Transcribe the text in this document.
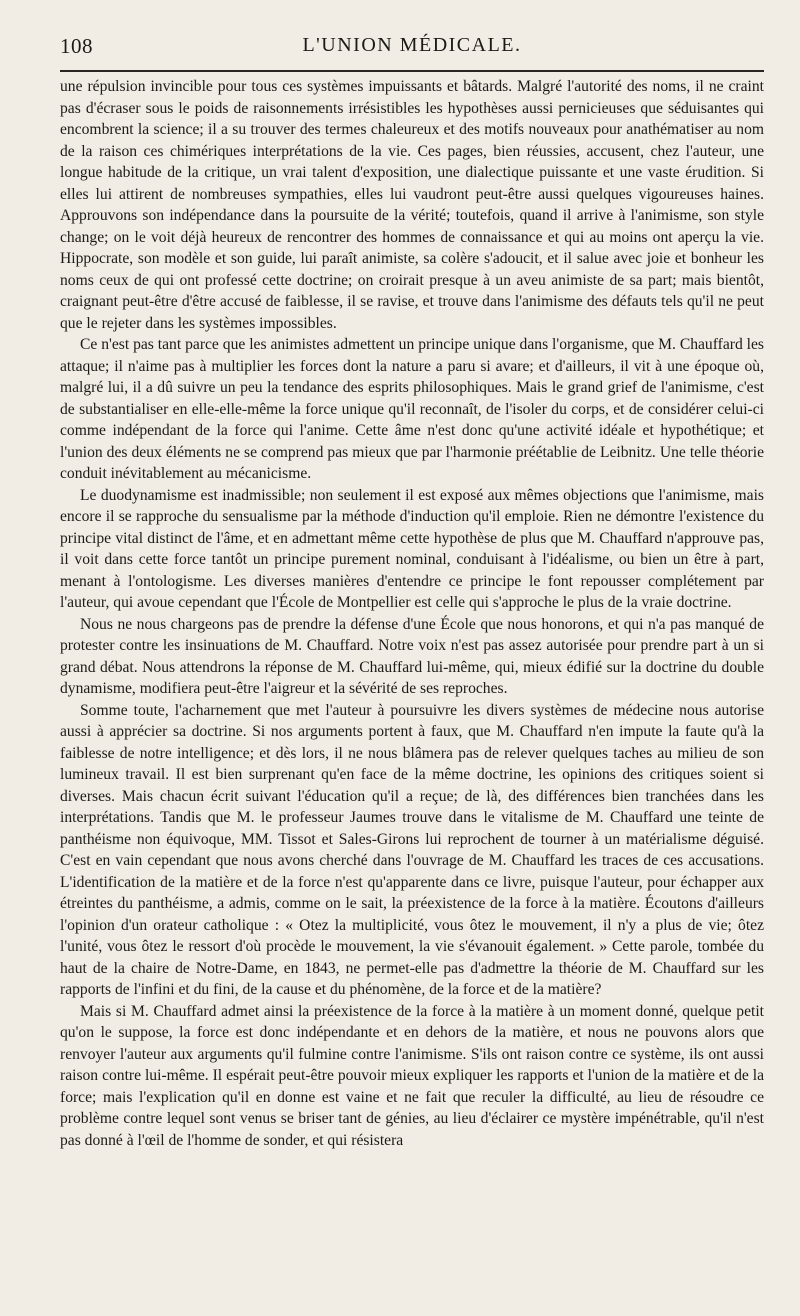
108	L'UNION MÉDICALE.

une répulsion invincible pour tous ces systèmes impuissants et bâtards. Malgré l'autorité des noms, il ne craint pas d'écraser sous le poids de raisonnements irrésistibles les hypothèses aussi pernicieuses que séduisantes qui encombrent la science; il a su trouver des termes chaleureux et des motifs nouveaux pour anathématiser au nom de la raison ces chimériques interprétations de la vie. Ces pages, bien réussies, accusent, chez l'auteur, une longue habitude de la critique, un vrai talent d'exposition, une dialectique puissante et une vaste érudition. Si elles lui attirent de nombreuses sympathies, elles lui vaudront peut-être aussi quelques vigoureuses haines. Approuvons son indépendance dans la poursuite de la vérité; toutefois, quand il arrive à l'animisme, son style change; on le voit déjà heureux de rencontrer des hommes de connaissance et qui au moins ont aperçu la vie. Hippocrate, son modèle et son guide, lui paraît animiste, sa colère s'adoucit, et il salue avec joie et bonheur les noms ceux de qui ont professé cette doctrine; on croirait presque à un aveu animiste de sa part; mais bientôt, craignant peut-être d'être accusé de faiblesse, il se ravise, et trouve dans l'animisme des défauts tels qu'il ne peut que le rejeter dans les systèmes impossibles.

Ce n'est pas tant parce que les animistes admettent un principe unique dans l'organisme, que M. Chauffard les attaque; il n'aime pas à multiplier les forces dont la nature a paru si avare; et d'ailleurs, il vit à une époque où, malgré lui, il a dû suivre un peu la tendance des esprits philosophiques. Mais le grand grief de l'animisme, c'est de substantialiser en elle-elle-même la force unique qu'il reconnaît, de l'isoler du corps, et de considérer celui-ci comme indépendant de la force qui l'anime. Cette âme n'est donc qu'une activité idéale et hypothétique; et l'union des deux éléments ne se comprend pas mieux que par l'harmonie préétablie de Leibnitz. Une telle théorie conduit inévitablement au mécanicisme.

Le duodynamisme est inadmissible; non seulement il est exposé aux mêmes objections que l'animisme, mais encore il se rapproche du sensualisme par la méthode d'induction qu'il emploie. Rien ne démontre l'existence du principe vital distinct de l'âme, et en admettant même cette hypothèse de plus que M. Chauffard n'approuve pas, il voit dans cette force tantôt un principe purement nominal, conduisant à l'idéalisme, ou bien un être à part, menant à l'ontologisme. Les diverses manières d'entendre ce principe le font repousser complétement par l'auteur, qui avoue cependant que l'École de Montpellier est celle qui s'approche le plus de la vraie doctrine.

Nous ne nous chargeons pas de prendre la défense d'une École que nous honorons, et qui n'a pas manqué de protester contre les insinuations de M. Chauffard. Notre voix n'est pas assez autorisée pour prendre part à un si grand débat. Nous attendrons la réponse de M. Chauffard lui-même, qui, mieux édifié sur la doctrine du double dynamisme, modifiera peut-être l'aigreur et la sévérité de ses reproches.

Somme toute, l'acharnement que met l'auteur à poursuivre les divers systèmes de médecine nous autorise aussi à apprécier sa doctrine. Si nos arguments portent à faux, que M. Chauffard n'en impute la faute qu'à la faiblesse de notre intelligence; et dès lors, il ne nous blâmera pas de relever quelques taches au milieu de son lumineux travail. Il est bien surprenant qu'en face de la même doctrine, les opinions des critiques soient si diverses. Mais chacun écrit suivant l'éducation qu'il a reçue; de là, des différences bien tranchées dans les interprétations. Tandis que M. le professeur Jaumes trouve dans le vitalisme de M. Chauffard une teinte de panthéisme non équivoque, MM. Tissot et Sales-Girons lui reprochent de tourner à un matérialisme déguisé. C'est en vain cependant que nous avons cherché dans l'ouvrage de M. Chauffard les traces de ces accusations. L'identification de la matière et de la force n'est qu'apparente dans ce livre, puisque l'auteur, pour échapper aux étreintes du panthéisme, a admis, comme on le sait, la préexistence de la force à la matière. Écoutons d'ailleurs l'opinion d'un orateur catholique : « Otez la multiplicité, vous ôtez le mouvement, il n'y a plus de vie; ôtez l'unité, vous ôtez le ressort d'où procède le mouvement, la vie s'évanouit également. » Cette parole, tombée du haut de la chaire de Notre-Dame, en 1843, ne permet-elle pas d'admettre la théorie de M. Chauffard sur les rapports de l'infini et du fini, de la cause et du phénomène, de la force et de la matière?

Mais si M. Chauffard admet ainsi la préexistence de la force à la matière à un moment donné, quelque petit qu'on le suppose, la force est donc indépendante et en dehors de la matière, et nous ne pouvons alors que renvoyer l'auteur aux arguments qu'il fulmine contre l'animisme. S'ils ont raison contre ce système, ils ont aussi raison contre lui-même. Il espérait peut-être pouvoir mieux expliquer les rapports et l'union de la matière et de la force; mais l'explication qu'il en donne est vaine et ne fait que reculer la difficulté, au lieu de résoudre ce problème contre lequel sont venus se briser tant de génies, au lieu d'éclairer ce mystère impénétrable, qu'il n'est pas donné à l'œil de l'homme de sonder, et qui résistera
